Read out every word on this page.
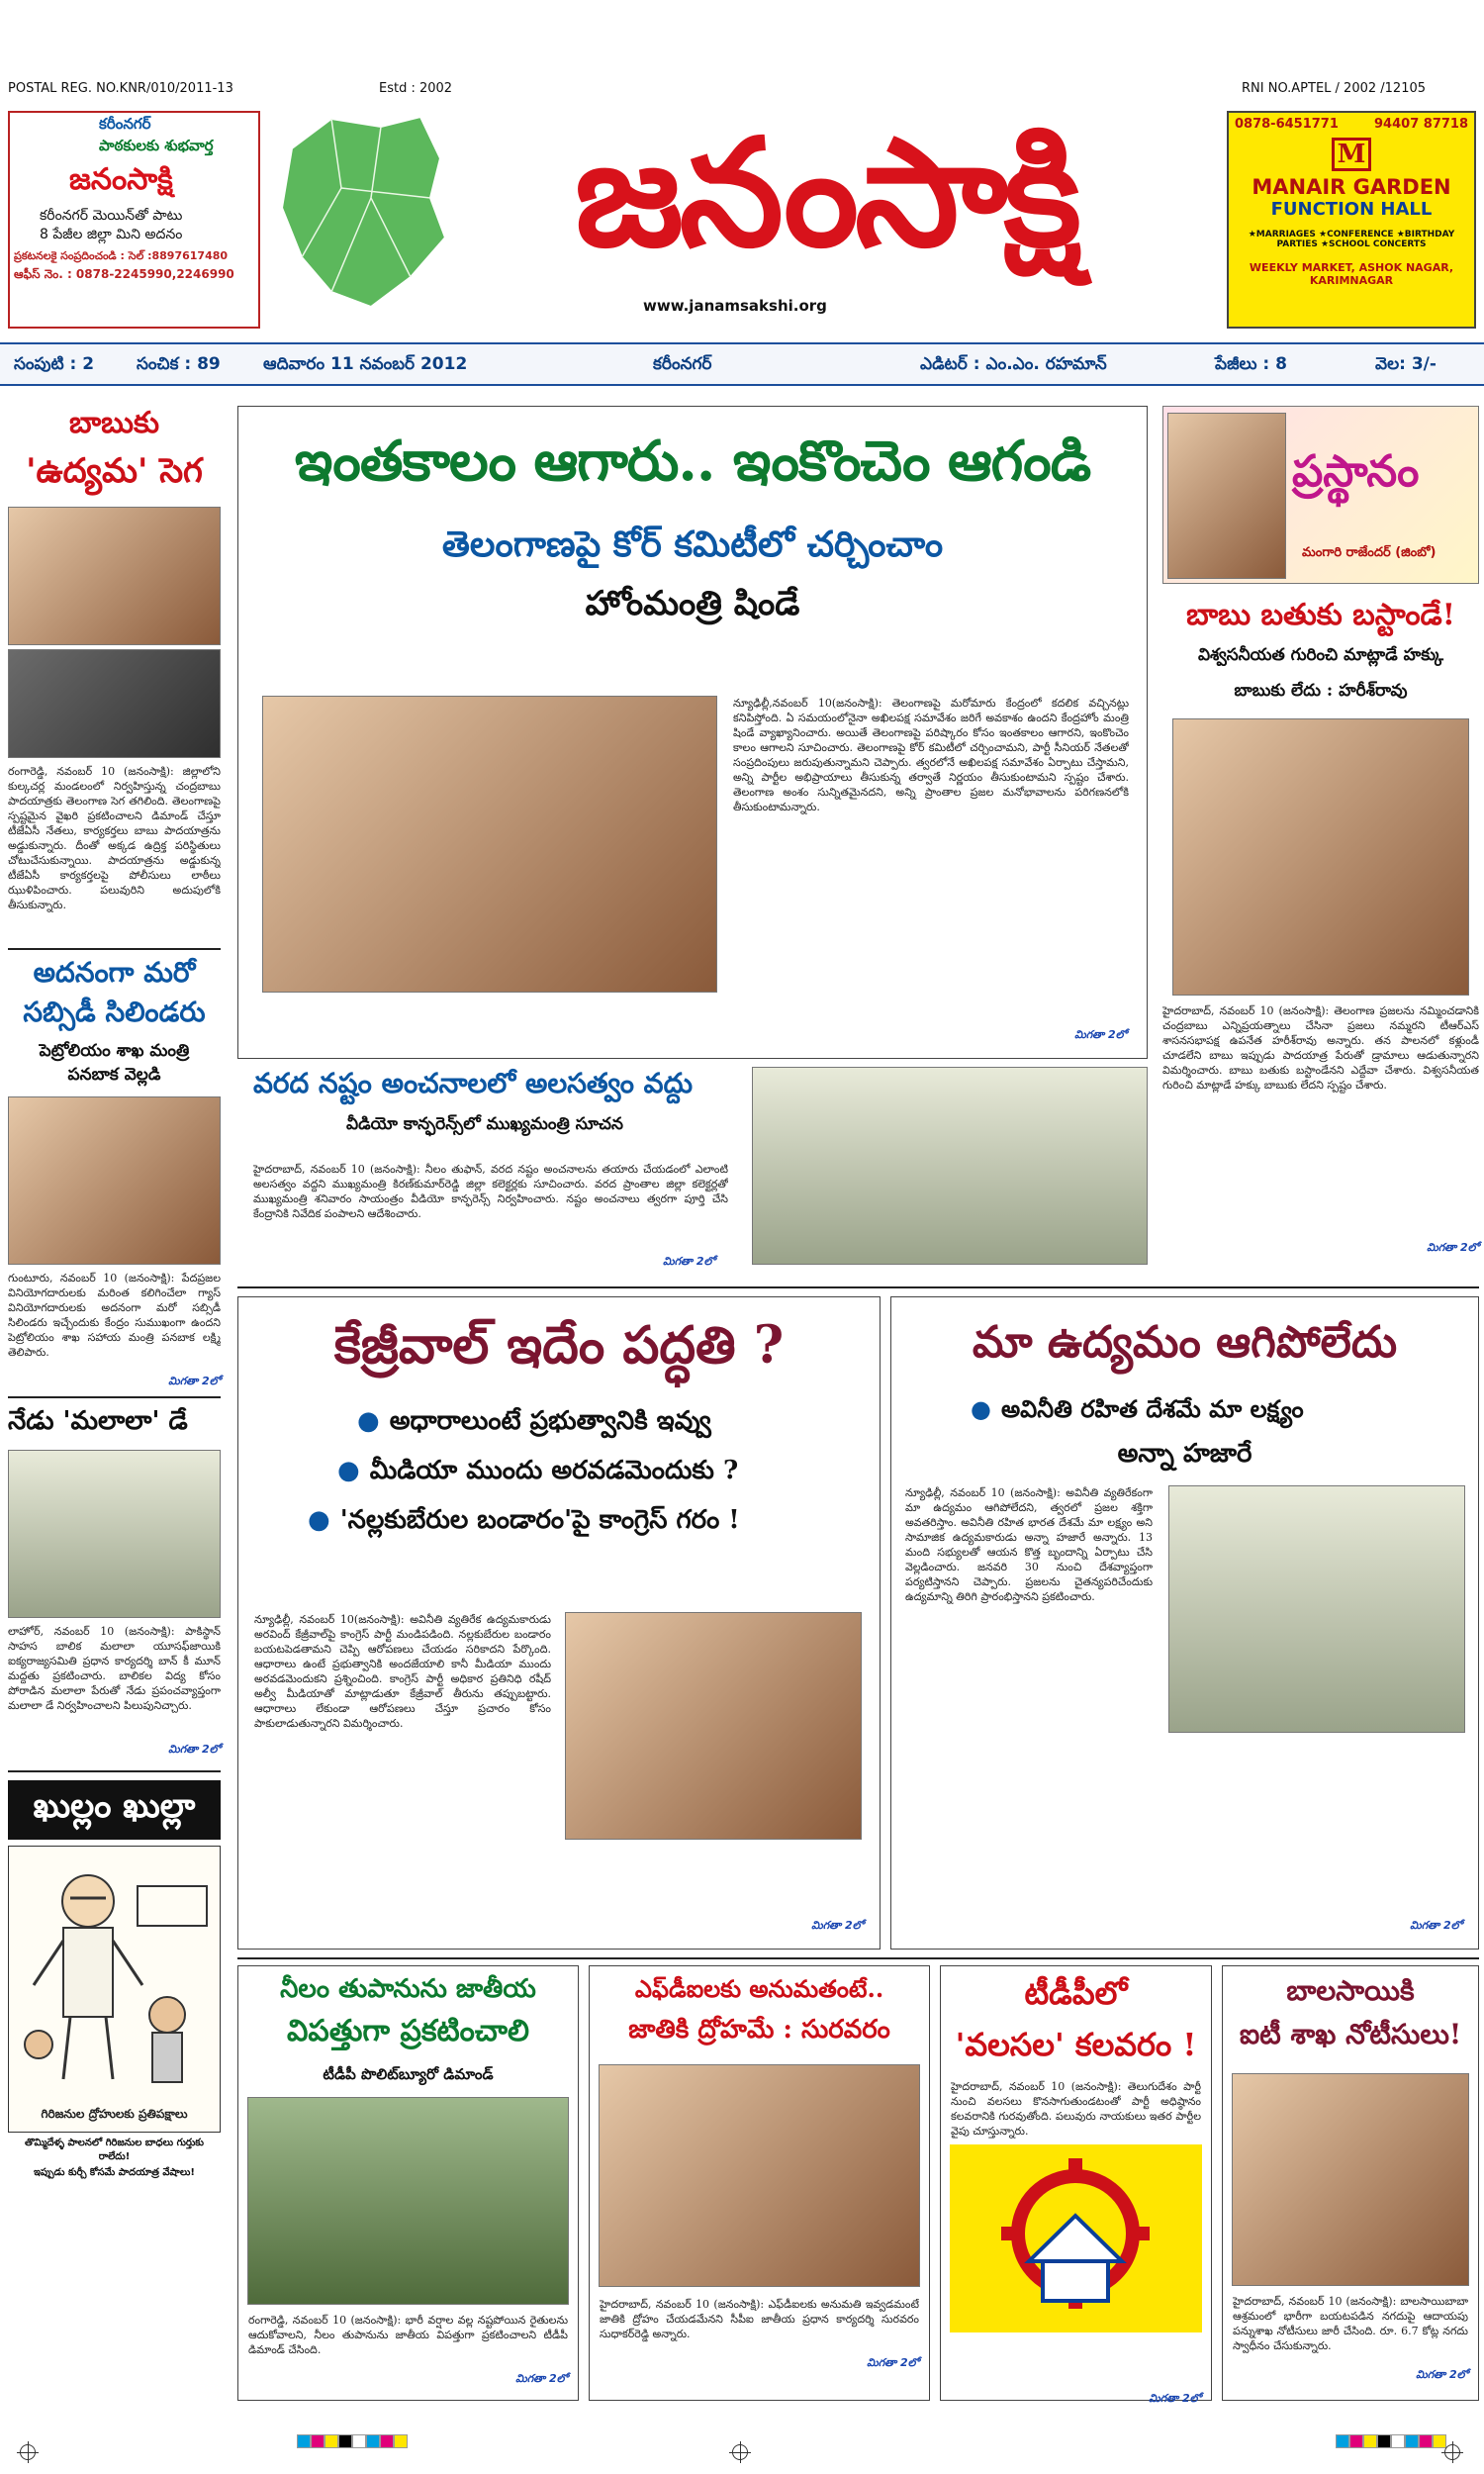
POSTAL REG. NO.KNR/010/2011-13	Estd : 2002	RNI NO.APTEL / 2002 /12105
కరీంనగర్
పాఠకులకు శుభవార్త
జనంసాక్షి
కరీంనగర్ మెయిన్‌తో పాటు
8 పేజీల జిల్లా మిని అదనం
ప్రకటనలకై సంప్రదించండి : సెల్ :8897617480
ఆఫీస్ నెం. : 0878-2245990,2246990	జనంసాక్షి
www.janamsakshi.org
0878-6451771	94407 87718
M
MANAIR GARDEN
FUNCTION HALL
★MARRIAGES ★CONFERENCE ★BIRTHDAY PARTIES ★SCHOOL CONCERTS
WEEKLY MARKET, ASHOK NAGAR, KARIMNAGAR
సంపుటి : 2	సంచిక : 89	ఆదివారం 11 నవంబర్ 2012	కరీంనగర్	ఎడిటర్ : ఎం.ఎం. రహమాన్	పేజీలు : 8	వెల: 3/-
బాబుకు
'ఉద్యమ' సెగ
రంగారెడ్డి, నవంబర్ 10 (జనంసాక్షి): జిల్లాలోని కుల్కచర్ల మండలంలో నిర్వహిస్తున్న చంద్రబాబు పాదయాత్రకు తెలంగాణ సెగ తగిలింది. తెలంగాణపై స్పష్టమైన వైఖరి ప్రకటించాలని డిమాండ్ చేస్తూ టీజేఏసీ నేతలు, కార్యకర్తలు బాబు పాదయాత్రను అడ్డుకున్నారు. దీంతో అక్కడ ఉద్రిక్త పరిస్థితులు చోటుచేసుకున్నాయి. పాదయాత్రను అడ్డుకున్న టీజేఏసీ కార్యకర్తలపై పోలీసులు లాఠీలు ఝుళిపించారు. పలువురిని అదుపులోకి తీసుకున్నారు.
అదనంగా మరో
సబ్సిడీ సిలిండరు
పెట్రోలియం శాఖ మంత్రి
పనబాక వెల్లడి
గుంటూరు, నవంబర్ 10 (జనంసాక్షి): పేదప్రజల వినియోగదారులకు మరింత కలిగించేలా గ్యాస్ వినియోగదారులకు అదనంగా మరో సబ్సిడీ సిలిండరు ఇచ్చేందుకు కేంద్రం సుముఖంగా ఉందని పెట్రోలియం శాఖ సహాయ మంత్రి పనబాక లక్ష్మి తెలిపారు.
మిగతా 2లో
నేడు 'మలాలా' డే
లాహోర్, నవంబర్ 10 (జనంసాక్షి): పాకిస్థాన్ సాహస బాలిక మలాలా యూసఫ్‌జాయికి ఐక్యరాజ్యసమితి ప్రధాన కార్యదర్శి బాన్ కీ మూన్ మద్దతు ప్రకటించారు. బాలికల విద్య కోసం పోరాడిన మలాలా పేరుతో నేడు ప్రపంచవ్యాప్తంగా మలాలా డే నిర్వహించాలని పిలుపునిచ్చారు.
మిగతా 2లో
ఖుల్లం ఖుల్లా
గిరిజనుల ద్రోహులకు ప్రతిపక్షాలు
తొమ్మిదేళ్ళ పాలనలో గిరిజనుల బాధలు గుర్తుకు రాలేదు!
ఇప్పుడు కుర్చీ కోసమే పాదయాత్ర వేషాలు!
ఇంతకాలం ఆగారు.. ఇంకొంచెం ఆగండి
తెలంగాణపై కోర్ కమిటీలో చర్చించాం
హోంమంత్రి షిండే
న్యూఢిల్లీ,నవంబర్ 10(జనంసాక్షి): తెలంగాణపై మరోమారు కేంద్రంలో కదలిక వచ్చినట్లు కనిపిస్తోంది. ఏ సమయంలోనైనా అఖిలపక్ష సమావేశం జరిగే అవకాశం ఉందని కేంద్రహోం మంత్రి షిండే వ్యాఖ్యానించారు. అయితే తెలంగాణపై పరిష్కారం కోసం ఇంతకాలం ఆగారని, ఇంకొంచెం కాలం ఆగాలని సూచించారు. తెలంగాణపై కోర్ కమిటీలో చర్చించామని, పార్టీ సీనియర్ నేతలతో సంప్రదింపులు జరుపుతున్నామని చెప్పారు. త్వరలోనే అఖిలపక్ష సమావేశం ఏర్పాటు చేస్తామని, అన్ని పార్టీల అభిప్రాయాలు తీసుకున్న తర్వాతే నిర్ణయం తీసుకుంటామని స్పష్టం చేశారు. తెలంగాణ అంశం సున్నితమైనదని, అన్ని ప్రాంతాల ప్రజల మనోభావాలను పరిగణనలోకి తీసుకుంటామన్నారు.
మిగతా 2లో
వరద నష్టం అంచనాలలో అలసత్వం వద్దు
వీడియో కాన్ఫరెన్స్‌లో ముఖ్యమంత్రి సూచన
హైదరాబాద్, నవంబర్ 10 (జనంసాక్షి): నీలం తుఫాన్, వరద నష్టం అంచనాలను తయారు చేయడంలో ఎలాంటి అలసత్వం వద్దని ముఖ్యమంత్రి కిరణ్‌కుమార్‌రెడ్డి జిల్లా కలెక్టర్లకు సూచించారు. వరద ప్రాంతాల జిల్లా కలెక్టర్లతో ముఖ్యమంత్రి శనివారం సాయంత్రం వీడియో కాన్ఫరెన్స్ నిర్వహించారు. నష్టం అంచనాలు త్వరగా పూర్తి చేసి కేంద్రానికి నివేదిక పంపాలని ఆదేశించారు.
మిగతా 2లో
ప్రస్థానం
మంగారి రాజేందర్ (జింబో)
బాబు బతుకు బస్టాండే!
విశ్వసనీయత గురించి మాట్లాడే హక్కు
బాబుకు లేదు : హరీశ్‌రావు
హైదరాబాద్, నవంబర్ 10 (జనంసాక్షి): తెలంగాణ ప్రజలను నమ్మించడానికి చంద్రబాబు ఎన్నిప్రయత్నాలు చేసినా ప్రజలు నమ్మరని టీఆర్ఎస్ శాసనసభాపక్ష ఉపనేత హరీశ్‌రావు అన్నారు. తన పాలనలో కళ్లుండీ చూడలేని బాబు ఇప్పుడు పాదయాత్ర పేరుతో డ్రామాలు ఆడుతున్నారని విమర్శించారు. బాబు బతుకు బస్టాండేనని ఎద్దేవా చేశారు. విశ్వసనీయత గురించి మాట్లాడే హక్కు బాబుకు లేదని స్పష్టం చేశారు.
మిగతా 2లో
కేజ్రీవాల్ ఇదేం పద్ధతి ?
● అధారాలుంటే ప్రభుత్వానికి ఇవ్వు
● మీడియా ముందు అరవడమెందుకు ?
● 'నల్లకుబేరుల బండారం'పై కాంగ్రెస్ గరం !
న్యూఢిల్లీ, నవంబర్ 10(జనంసాక్షి): అవినీతి వ్యతిరేక ఉద్యమకారుడు అరవింద్ కేజ్రీవాల్‌పై కాంగ్రెస్ పార్టీ మండిపడింది. నల్లకుబేరుల బండారం బయటపెడతామని చెప్పి ఆరోపణలు చేయడం సరికాదని పేర్కొంది. ఆధారాలు ఉంటే ప్రభుత్వానికి అందజేయాలి కానీ మీడియా ముందు అరవడమెందుకని ప్రశ్నించింది. కాంగ్రెస్ పార్టీ అధికార ప్రతినిధి రషీద్ అల్వీ మీడియాతో మాట్లాడుతూ కేజ్రీవాల్ తీరును తప్పుబట్టారు. ఆధారాలు లేకుండా ఆరోపణలు చేస్తూ ప్రచారం కోసం పాకులాడుతున్నారని విమర్శించారు.
మిగతా 2లో
మా ఉద్యమం ఆగిపోలేదు
● అవినీతి రహిత దేశమే మా లక్ష్యం
అన్నా హజారే
న్యూఢిల్లీ, నవంబర్ 10 (జనంసాక్షి): అవినీతి వ్యతిరేకంగా మా ఉద్యమం ఆగిపోలేదని, త్వరలో ప్రజల శక్తిగా అవతరిస్తాం. అవినీతి రహిత భారత దేశమే మా లక్ష్యం అని సామాజిక ఉద్యమకారుడు అన్నా హజారే అన్నారు. 13 మంది సభ్యులతో ఆయన కొత్త బృందాన్ని ఏర్పాటు చేసి వెల్లడించారు. జనవరి 30 నుంచి దేశవ్యాప్తంగా పర్యటిస్తానని చెప్పారు. ప్రజలను చైతన్యపరిచేందుకు ఉద్యమాన్ని తిరిగి ప్రారంభిస్తానని ప్రకటించారు.
మిగతా 2లో
నీలం తుపానును జాతీయ
విపత్తుగా ప్రకటించాలి
టీడీపీ పొలిట్‌బ్యూరో డిమాండ్
రంగారెడ్డి, నవంబర్ 10 (జనంసాక్షి): భారీ వర్షాల వల్ల నష్టపోయిన రైతులను ఆదుకోవాలని, నీలం తుపానును జాతీయ విపత్తుగా ప్రకటించాలని టీడీపీ డిమాండ్ చేసింది.
మిగతా 2లో
ఎఫ్‌డీఐలకు అనుమతంటే..
జాతికి ద్రోహమే : సురవరం
హైదరాబాద్, నవంబర్ 10 (జనంసాక్షి): ఎఫ్‌డీఐలకు అనుమతి ఇవ్వడమంటే జాతికి ద్రోహం చేయడమేనని సీపీఐ జాతీయ ప్రధాన కార్యదర్శి సురవరం సుధాకర్‌రెడ్డి అన్నారు.
మిగతా 2లో
టీడీపీలో
'వలసల' కలవరం !
హైదరాబాద్, నవంబర్ 10 (జనంసాక్షి): తెలుగుదేశం పార్టీ నుంచి వలసలు కొనసాగుతుండటంతో పార్టీ అధిష్ఠానం కలవరానికి గురవుతోంది. పలువురు నాయకులు ఇతర పార్టీల వైపు చూస్తున్నారు.
మిగతా 2లో
బాలసాయికి
ఐటీ శాఖ నోటీసులు!
హైదరాబాద్, నవంబర్ 10 (జనంసాక్షి): బాలసాయిబాబా ఆశ్రమంలో భారీగా బయటపడిన నగదుపై ఆదాయపు పన్నుశాఖ నోటీసులు జారీ చేసింది. రూ. 6.7 కోట్ల నగదు స్వాధీనం చేసుకున్నారు.
మిగతా 2లో
